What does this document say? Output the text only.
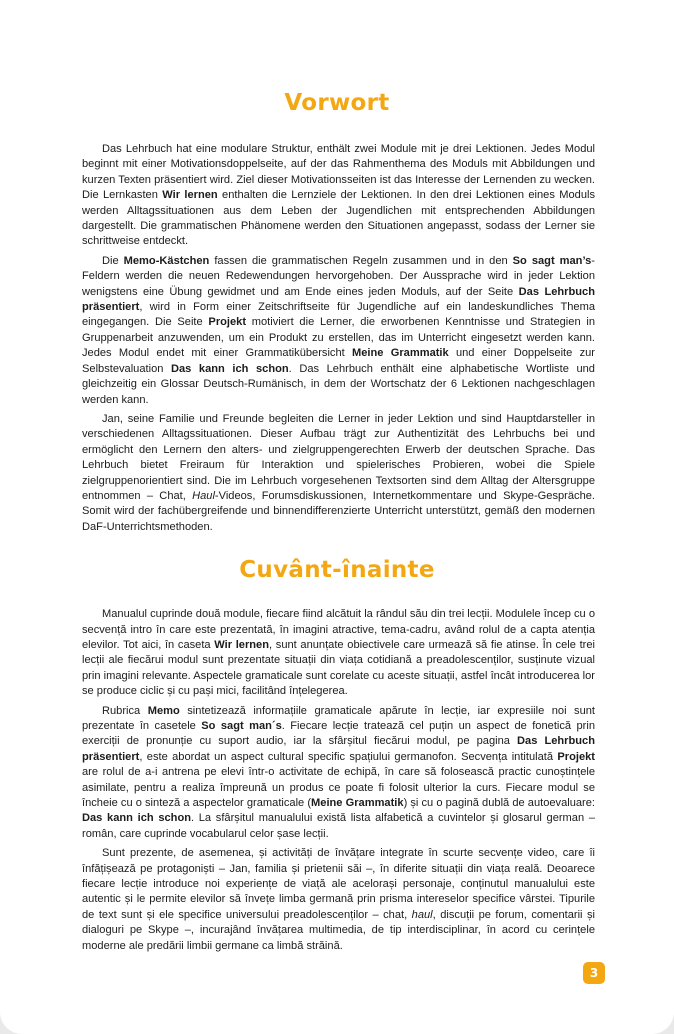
Vorwort

Das Lehrbuch hat eine modulare Struktur, enthält zwei Module mit je drei Lektionen. Jedes Modul beginnt mit einer Motivationsdoppelseite, auf der das Rahmenthema des Moduls mit Abbildungen und kurzen Texten präsentiert wird. Ziel dieser Motivationsseiten ist das Interesse der Lernenden zu wecken. Die Lernkasten Wir lernen enthalten die Lernziele der Lektionen. In den drei Lektionen eines Moduls werden Alltagssituationen aus dem Leben der Jugendlichen mit entsprechenden Abbildungen dargestellt. Die grammatischen Phänomene werden den Situationen angepasst, sodass der Lerner sie schrittweise entdeckt.

Die Memo-Kästchen fassen die grammatischen Regeln zusammen und in den So sagt man’s-Feldern werden die neuen Redewendungen hervorgehoben. Der Aussprache wird in jeder Lektion wenigstens eine Übung gewidmet und am Ende eines jeden Moduls, auf der Seite Das Lehrbuch präsentiert, wird in Form einer Zeitschriftseite für Jugendliche auf ein landeskundliches Thema eingegangen. Die Seite Projekt motiviert die Lerner, die erworbenen Kenntnisse und Strategien in Gruppenarbeit anzuwenden, um ein Produkt zu erstellen, das im Unterricht eingesetzt werden kann. Jedes Modul endet mit einer Grammatikübersicht Meine Grammatik und einer Doppelseite zur Selbstevaluation Das kann ich schon. Das Lehrbuch enthält eine alphabetische Wortliste und gleichzeitig ein Glossar Deutsch-Rumänisch, in dem der Wortschatz der 6 Lektionen nachgeschlagen werden kann.

Jan, seine Familie und Freunde begleiten die Lerner in jeder Lektion und sind Hauptdarsteller in verschiedenen Alltagssituationen. Dieser Aufbau trägt zur Authentizität des Lehrbuchs bei und ermöglicht den Lernern den alters- und zielgruppengerechten Erwerb der deutschen Sprache. Das Lehrbuch bietet Freiraum für Interaktion und spielerisches Probieren, wobei die Spiele zielgruppenorientiert sind. Die im Lehrbuch vorgesehenen Textsorten sind dem Alltag der Altersgruppe entnommen – Chat, Haul-Videos, Forumsdiskussionen, Internetkommentare und Skype-Gespräche. Somit wird der fachübergreifende und binnendifferenzierte Unterricht unterstützt, gemäß den modernen DaF-Unterrichtsmethoden.

Cuvânt-înainte

Manualul cuprinde două module, fiecare fiind alcătuit la rândul său din trei lecții. Modulele încep cu o secvență intro în care este prezentată, în imagini atractive, tema-cadru, având rolul de a capta atenția elevilor. Tot aici, în caseta Wir lernen, sunt anunțate obiectivele care urmează să fie atinse. În cele trei lecții ale fiecărui modul sunt prezentate situații din viața cotidiană a preadolescenților, susținute vizual prin imagini relevante. Aspectele gramaticale sunt corelate cu aceste situații, astfel încât introducerea lor se produce ciclic și cu pași mici, facilitând înțelegerea.

Rubrica Memo sintetizează informațiile gramaticale apărute în lecție, iar expresiile noi sunt prezentate în casetele So sagt man´s. Fiecare lecție tratează cel puțin un aspect de fonetică prin exerciții de pronunție cu suport audio, iar la sfârșitul fiecărui modul, pe pagina Das Lehrbuch präsentiert, este abordat un aspect cultural specific spațiului germanofon. Secvența intitulată Projekt are rolul de a-i antrena pe elevi într-o activitate de echipă, în care să folosească practic cunoștințele asimilate, pentru a realiza împreună un produs ce poate fi folosit ulterior la curs. Fiecare modul se încheie cu o sinteză a aspectelor gramaticale (Meine Grammatik) și cu o pagină dublă de autoevaluare: Das kann ich schon. La sfârșitul manualului există lista alfabetică a cuvintelor și glosarul german – român, care cuprinde vocabularul celor șase lecții.

Sunt prezente, de asemenea, și activități de învățare integrate în scurte secvențe video, care îi înfățișează pe protagoniști – Jan, familia și prietenii săi –, în diferite situații din viața reală. Deoarece fiecare lecție introduce noi experiențe de viață ale acelorași personaje, conținutul manualului este autentic și le permite elevilor să învețe limba germană prin prisma intereselor specifice vârstei. Tipurile de text sunt și ele specifice universului preadolescenților – chat, haul, discuții pe forum, comentarii și dialoguri pe Skype –, incurajând învățarea multimedia, de tip interdisciplinar, în acord cu cerințele moderne ale predării limbii germane ca limbă străină.

3
